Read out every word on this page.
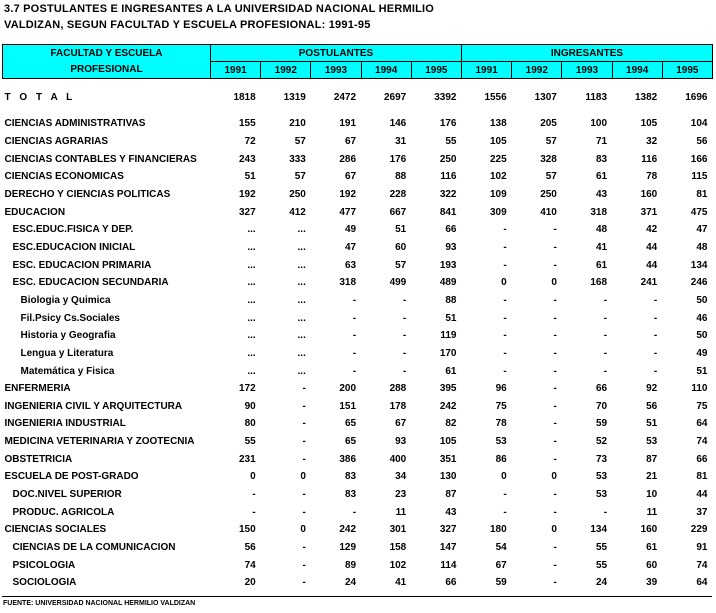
3.7 POSTULANTES E INGRESANTES A LA UNIVERSIDAD NACIONAL HERMILIO
VALDIZAN, SEGUN FACULTAD Y ESCUELA PROFESIONAL: 1991-95
FACULTAD Y ESCUELA	POSTULANTES					INGRESANTES				
PROFESIONAL	1991	1992	1993	1994	1995	1991	1992	1993	1994	1995

T O T A L	1818	1319	2472	2697	3392	1556	1307	1183	1382	1696

CIENCIAS ADMINISTRATIVAS	155	210	191	146	176	138	205	100	105	104
CIENCIAS AGRARIAS	72	57	67	31	55	105	57	71	32	56
CIENCIAS CONTABLES Y FINANCIERAS	243	333	286	176	250	225	328	83	116	166
CIENCIAS ECONOMICAS	51	57	67	88	116	102	57	61	78	115
DERECHO Y CIENCIAS POLITICAS	192	250	192	228	322	109	250	43	160	81
EDUCACION	327	412	477	667	841	309	410	318	371	475
ESC.EDUC.FISICA Y DEP.	...	...	49	51	66	-	-	48	42	47
ESC.EDUCACION INICIAL	...	...	47	60	93	-	-	41	44	48
ESC. EDUCACION PRIMARIA	...	...	63	57	193	-	-	61	44	134
ESC. EDUCACION SECUNDARIA	...	...	318	499	489	0	0	168	241	246
Biologia y Quimica	...	...	-	-	88	-	-	-	-	50
Fil.Psicy Cs.Sociales	...	...	-	-	51	-	-	-	-	46
Historia y Geografia	...	...	-	-	119	-	-	-	-	50
Lengua y Literatura	...	...	-	-	170	-	-	-	-	49
Matemática y Fisica	...	...	-	-	61	-	-	-	-	51
ENFERMERIA	172	-	200	288	395	96	-	66	92	110
INGENIERIA CIVIL Y ARQUITECTURA	90	-	151	178	242	75	-	70	56	75
INGENIERIA INDUSTRIAL	80	-	65	67	82	78	-	59	51	64
MEDICINA VETERINARIA Y ZOOTECNIA	55	-	65	93	105	53	-	52	53	74
OBSTETRICIA	231	-	386	400	351	86	-	73	87	66
ESCUELA DE POST-GRADO	0	0	83	34	130	0	0	53	21	81
DOC.NIVEL SUPERIOR	-	-	83	23	87	-	-	53	10	44
PRODUC. AGRICOLA	-	-	-	11	43	-	-	-	11	37
CIENCIAS SOCIALES	150	0	242	301	327	180	0	134	160	229
CIENCIAS DE LA COMUNICACION	56	-	129	158	147	54	-	55	61	91
PSICOLOGIA	74	-	89	102	114	67	-	55	60	74
SOCIOLOGIA	20	-	24	41	66	59	-	24	39	64
FUENTE: UNIVERSIDAD NACIONAL HERMILIO VALDIZAN
